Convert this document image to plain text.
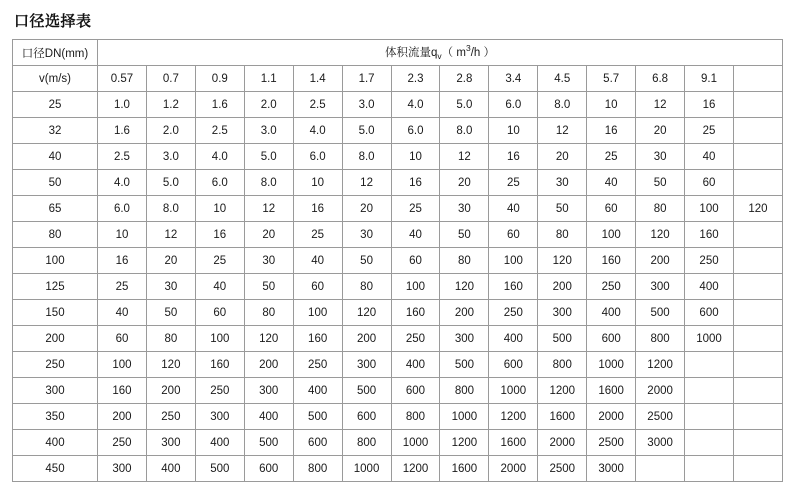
口径选择表
口径DN(mm)	体积流量$q_v$（ $m^3/h$ ）													
v(m/s)	0.57	0.7	0.9	1.1	1.4	1.7	2.3	2.8	3.4	4.5	5.7	6.8	9.1	
25	1.0	1.2	1.6	2.0	2.5	3.0	4.0	5.0	6.0	8.0	10	12	16	
32	1.6	2.0	2.5	3.0	4.0	5.0	6.0	8.0	10	12	16	20	25	
40	2.5	3.0	4.0	5.0	6.0	8.0	10	12	16	20	25	30	40	
50	4.0	5.0	6.0	8.0	10	12	16	20	25	30	40	50	60	
65	6.0	8.0	10	12	16	20	25	30	40	50	60	80	100	120
80	10	12	16	20	25	30	40	50	60	80	100	120	160	
100	16	20	25	30	40	50	60	80	100	120	160	200	250	
125	25	30	40	50	60	80	100	120	160	200	250	300	400	
150	40	50	60	80	100	120	160	200	250	300	400	500	600	
200	60	80	100	120	160	200	250	300	400	500	600	800	1000	
250	100	120	160	200	250	300	400	500	600	800	1000	1200		
300	160	200	250	300	400	500	600	800	1000	1200	1600	2000		
350	200	250	300	400	500	600	800	1000	1200	1600	2000	2500		
400	250	300	400	500	600	800	1000	1200	1600	2000	2500	3000		
450	300	400	500	600	800	1000	1200	1600	2000	2500	3000			
